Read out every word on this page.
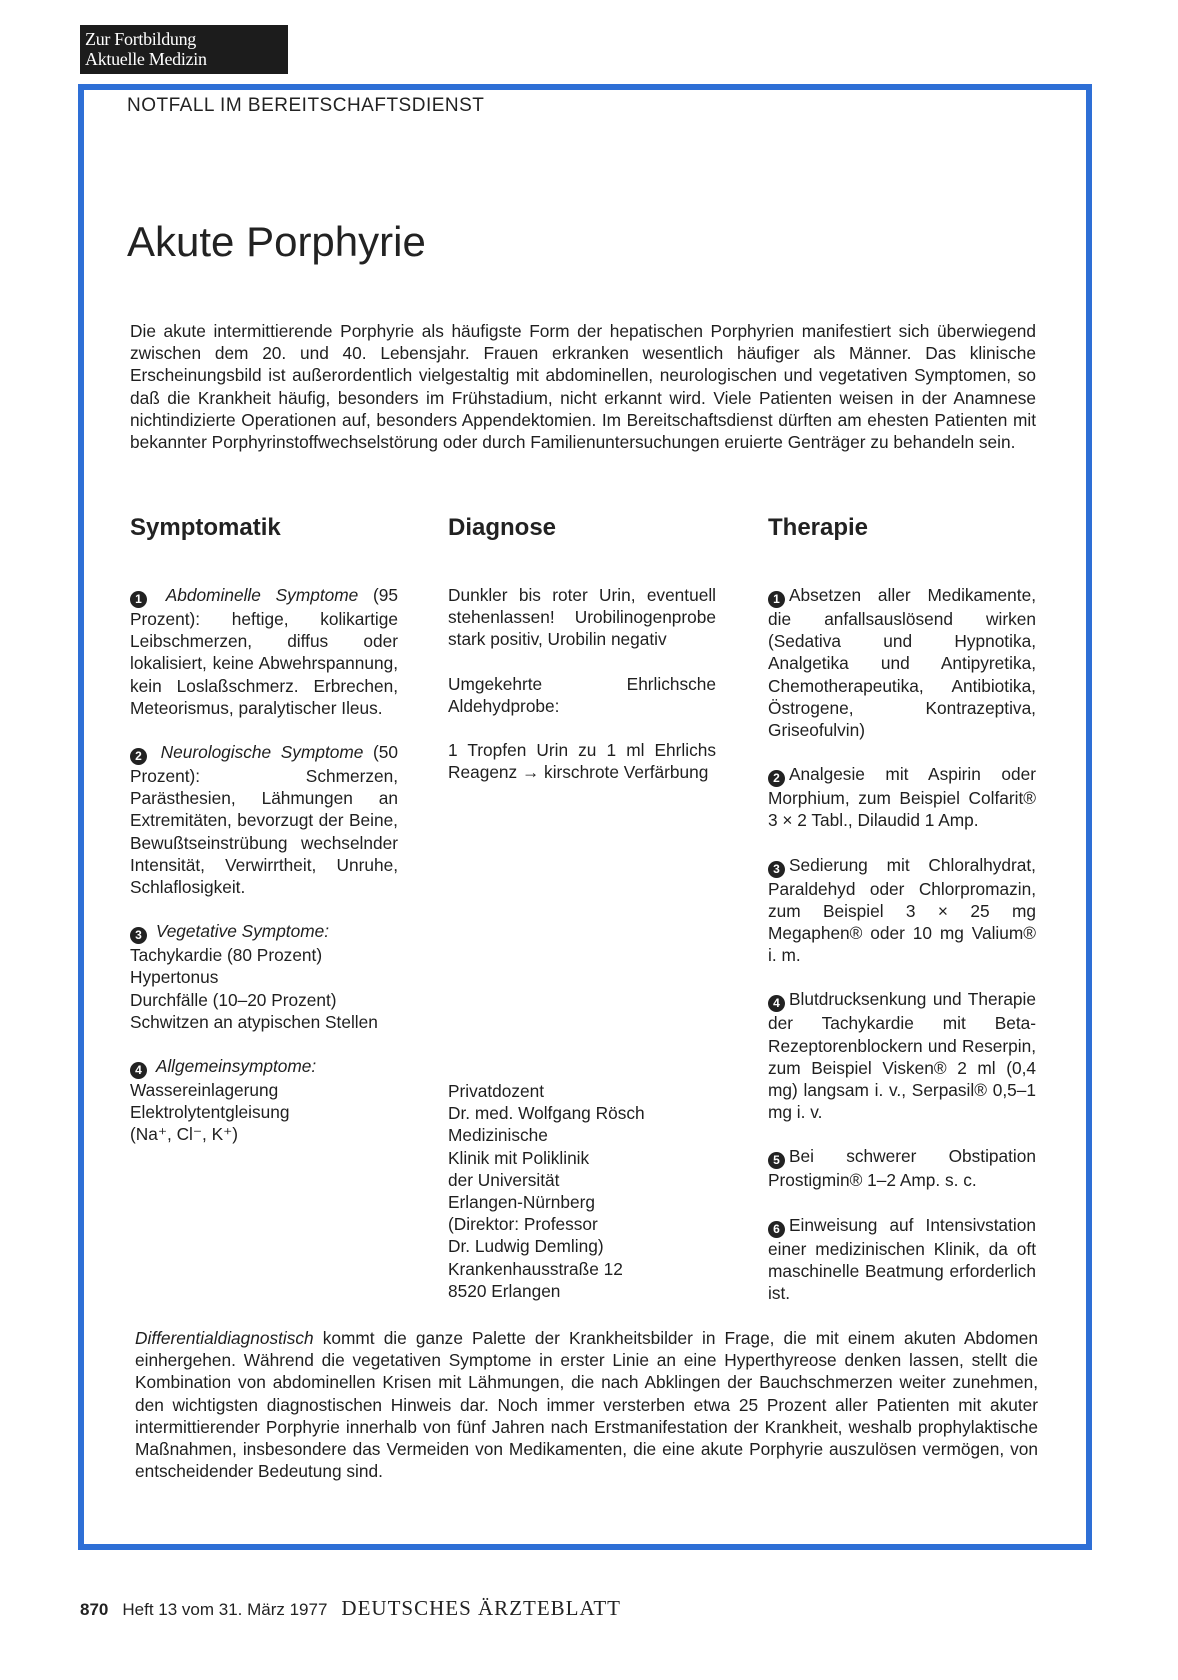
Zur Fortbildung
Aktuelle Medizin
NOTFALL IM BEREITSCHAFTSDIENST
Akute Porphyrie

Die akute intermittierende Porphyrie als häufigste Form der hepatischen Porphyrien manifestiert sich überwiegend zwischen dem 20. und 40. Lebensjahr. Frauen erkranken wesentlich häufiger als Männer. Das klinische Erscheinungsbild ist außerordentlich vielgestaltig mit abdominellen, neurologischen und vegetativen Symptomen, so daß die Krankheit häufig, besonders im Frühstadium, nicht erkannt wird. Viele Patienten weisen in der Anamnese nichtindizierte Operationen auf, besonders Appendektomien. Im Bereitschaftsdienst dürften am ehesten Patienten mit bekannter Porphyrinstoffwechselstörung oder durch Familienuntersuchungen eruierte Genträger zu behandeln sein.

Symptomatik

1 Abdominelle Symptome (95 Prozent): heftige, kolikartige Leibschmerzen, diffus oder lokalisiert, keine Abwehrspannung, kein Loslaßschmerz. Erbrechen, Meteorismus, paralytischer Ileus.

2 Neurologische Symptome (50 Prozent): Schmerzen, Parästhesien, Lähmungen an Extremitäten, bevorzugt der Beine, Bewußtseinstrübung wechselnder Intensität, Verwirrtheit, Unruhe, Schlaflosigkeit.

3 Vegetative Symptome:
Tachykardie (80 Prozent)
Hypertonus
Durchfälle (10–20 Prozent)
Schwitzen an atypischen Stellen

4 Allgemeinsymptome:
Wassereinlagerung
Elektrolytentgleisung
(Na⁺, Cl⁻, K⁺)

Diagnose

Dunkler bis roter Urin, eventuell stehenlassen! Urobilinogenprobe stark positiv, Urobilin negativ

Umgekehrte Ehrlichsche Aldehydprobe:

1 Tropfen Urin zu 1 ml Ehrlichs Reagenz → kirschrote Verfärbung

Privatdozent
Dr. med. Wolfgang Rösch
Medizinische
Klinik mit Poliklinik
der Universität
Erlangen-Nürnberg
(Direktor: Professor
Dr. Ludwig Demling)
Krankenhausstraße 12
8520 Erlangen
Therapie

1 Absetzen aller Medikamente, die anfallsauslösend wirken (Sedativa und Hypnotika, Analgetika und Antipyretika, Chemotherapeutika, Antibiotika, Östrogene, Kontrazeptiva, Griseofulvin)

2 Analgesie mit Aspirin oder Morphium, zum Beispiel Colfarit® 3 × 2 Tabl., Dilaudid 1 Amp.

3 Sedierung mit Chloralhydrat, Paraldehyd oder Chlorpromazin, zum Beispiel 3 × 25 mg Megaphen® oder 10 mg Valium® i. m.

4 Blutdrucksenkung und Therapie der Tachykardie mit Beta-Rezeptorenblockern und Reserpin, zum Beispiel Visken® 2 ml (0,4 mg) langsam i. v., Serpasil® 0,5–1 mg i. v.

5 Bei schwerer Obstipation Prostigmin® 1–2 Amp. s. c.

6 Einweisung auf Intensivstation einer medizinischen Klinik, da oft maschinelle Beatmung erforderlich ist.

Differentialdiagnostisch kommt die ganze Palette der Krankheitsbilder in Frage, die mit einem akuten Abdomen einhergehen. Während die vegetativen Symptome in erster Linie an eine Hyperthyreose denken lassen, stellt die Kombination von abdominellen Krisen mit Lähmungen, die nach Abklingen der Bauchschmerzen weiter zunehmen, den wichtigsten diagnostischen Hinweis dar. Noch immer versterben etwa 25 Prozent aller Patienten mit akuter intermittierender Porphyrie innerhalb von fünf Jahren nach Erstmanifestation der Krankheit, weshalb prophylaktische Maßnahmen, insbesondere das Vermeiden von Medikamenten, die eine akute Porphyrie auszulösen vermögen, von entscheidender Bedeutung sind.

870 Heft 13 vom 31. März 1977 DEUTSCHES ÄRZTEBLATT
